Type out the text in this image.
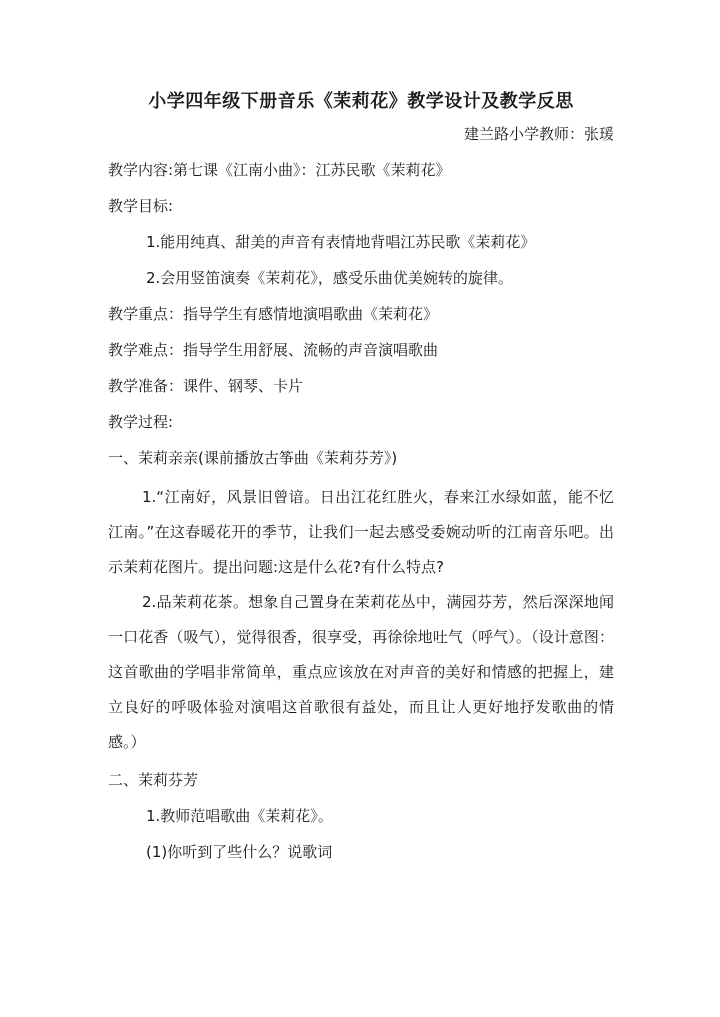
小学四年级下册音乐《茉莉花》教学设计及教学反思
建兰路小学教师：张瑗
教学内容:第七课《江南小曲》：江苏民歌《茉莉花》
教学目标:
1.能用纯真、甜美的声音有表情地背唱江苏民歌《茉莉花》
2.会用竖笛演奏《茉莉花》，感受乐曲优美婉转的旋律。
教学重点：指导学生有感情地演唱歌曲《茉莉花》
教学难点：指导学生用舒展、流畅的声音演唱歌曲
教学准备：课件、钢琴、卡片
教学过程:
一、茉莉亲亲(课前播放古筝曲《茉莉芬芳》)

1.“江南好，风景旧曾谙。日出江花红胜火，春来江水绿如蓝，能不忆江南。”在这春暖花开的季节，让我们一起去感受委婉动听的江南音乐吧。出示茉莉花图片。提出问题:这是什么花?有什么特点?

2.品茉莉花茶。想象自己置身在茉莉花丛中，满园芬芳，然后深深地闻一口花香（吸气），觉得很香，很享受，再徐徐地吐气（呼气）。（设计意图：这首歌曲的学唱非常简单，重点应该放在对声音的美好和情感的把握上，建立良好的呼吸体验对演唱这首歌很有益处，而且让人更好地抒发歌曲的情感。）

二、茉莉芬芳
1.教师范唱歌曲《茉莉花》。
(1)你听到了些什么？说歌词
